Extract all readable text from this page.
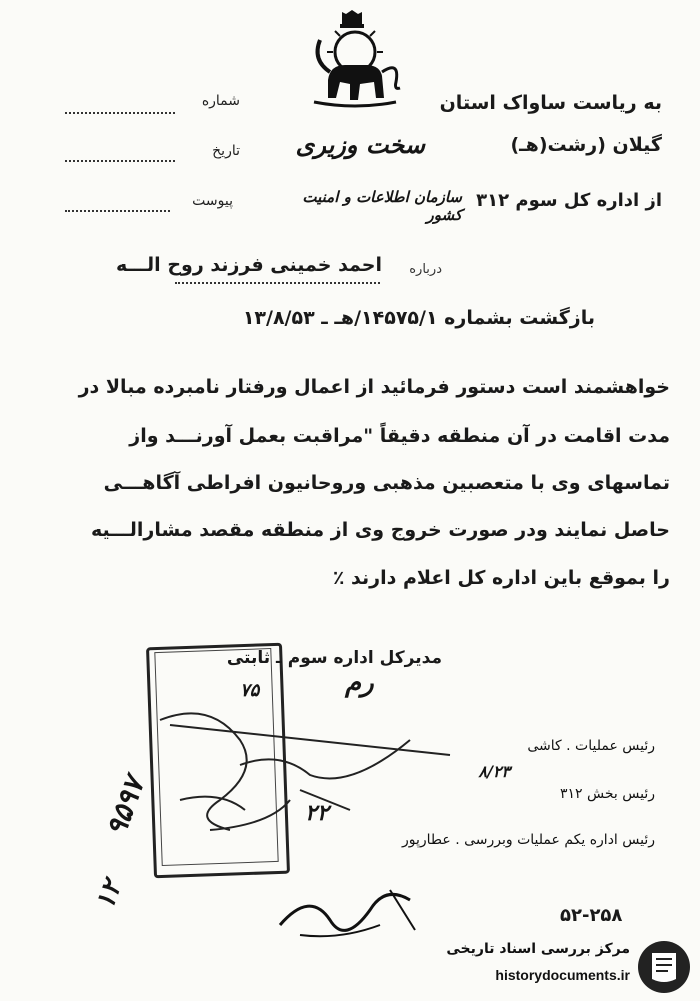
شماره
تاریخ
پیوست
به ریاست ساواک استان
گیلان (رشت(هـ)
سخت وزیری
از اداره کل سوم ۳۱۲
سازمان اطلاعات و امنیت کشور
درباره
احمد خمینی فرزند روح الـــه
بازگشت بشماره ۱۴۵۷۵/۱/هـ ـ ۱۳/۸/۵۳
خواهشمند است دستور فرمائید از اعمال ورفتار نامبرده مبالا در
مدت اقامت در آن منطقه دقیقاً "مراقبت بعمل آورنـــد واز
تماسهای وی با متعصبین مذهبی وروحانیون افراطی آگاهـــی
حاصل نمایند ودر صورت خروج وی از منطقه مقصد مشارالـــیه
را بموقع باین اداره کل اعلام دارند ٪
مدیرکل اداره سوم ـ ثابتی
ﺭم
۷۵
۹۵۹۷
۱۲
۲۲
رئیس عملیات . کاشی
۸/۲۳
رئیس بخش ۳۱۲
رئیس اداره یکم عملیات وبررسی . عطارپور
۵۲-۲۵۸
مرکز بررسی اسناد تاریخی
historydocuments.ir
